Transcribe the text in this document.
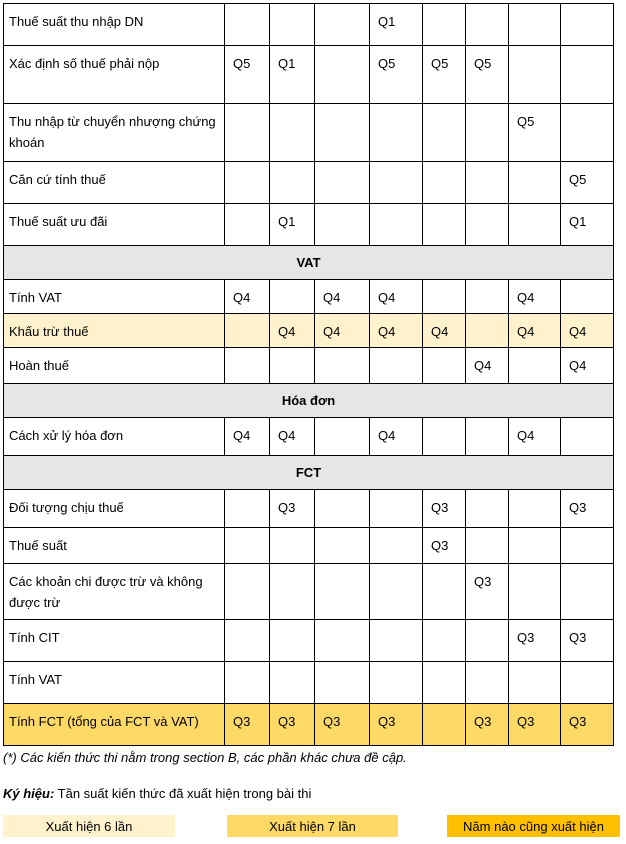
Thuế suất thu nhập DN				Q1				
Xác định số thuế phải nộp	Q5	Q1		Q5	Q5	Q5		
Thu nhập từ chuyển nhượng chứng khoán							Q5	
Căn cứ tính thuế								Q5
Thuế suất ưu đãi		Q1						Q1
VAT								
Tính VAT	Q4		Q4	Q4			Q4	
Khấu trừ thuế		Q4	Q4	Q4	Q4		Q4	Q4
Hoàn thuế						Q4		Q4
Hóa đơn								
Cách xử lý hóa đơn	Q4	Q4		Q4			Q4	
FCT								
Đối tượng chịu thuế		Q3			Q3			Q3
Thuế suất					Q3			
Các khoản chi được trừ và không được trừ						Q3		
Tính CIT							Q3	Q3
Tính VAT								
Tính FCT (tổng của FCT và VAT)	Q3	Q3	Q3	Q3		Q3	Q3	Q3
(*) Các kiến thức thi nằm trong section B, các phần khác chưa đề cập.
Ký hiệu: Tần suất kiến thức đã xuất hiện trong bài thi
Xuất hiện 6 lần	Xuất hiện 7 lần	Năm nào cũng xuất hiện
